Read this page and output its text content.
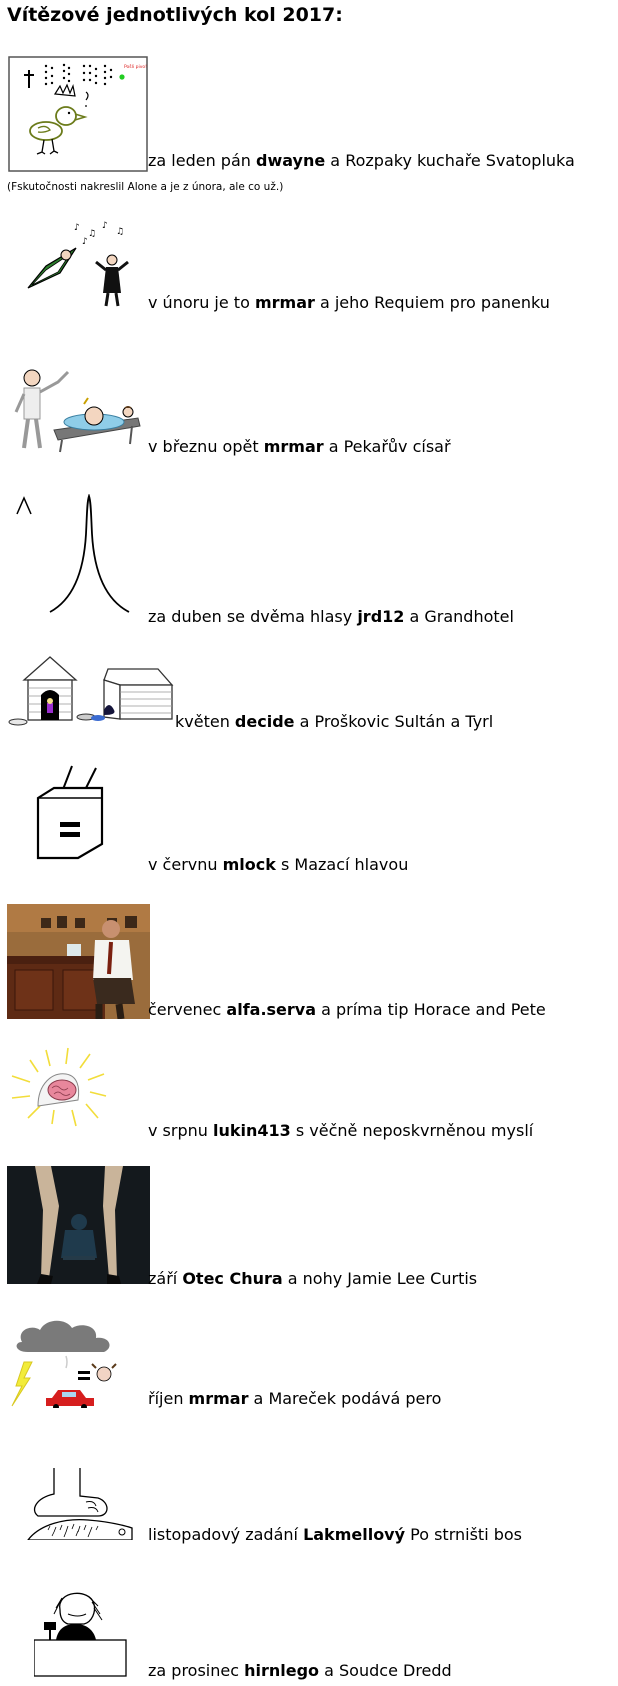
Vítězové jednotlivých kol 2017:
Pošli pivo!
za leden pán dwayne a Rozpaky kuchaře Svatopluka
(Fskutočnosti nakreslil Alone a je z února, ale co už.)
♪
♫
♪
♫
♪
v únoru je to mrmar a jeho Requiem pro panenku
v březnu opět mrmar a Pekařův císař
za duben se dvěma hlasy jrd12 a Grandhotel
květen decide a Proškovic Sultán a Tyrl
v červnu mlock s Mazací hlavou
červenec alfa.serva a príma tip Horace and Pete
v srpnu lukin413 s věčně neposkvrněnou myslí
září Otec Chura a nohy Jamie Lee Curtis
říjen mrmar a Mareček podává pero
listopadový zadání Lakmellový Po strništi bos
za prosinec hirnlego a Soudce Dredd
